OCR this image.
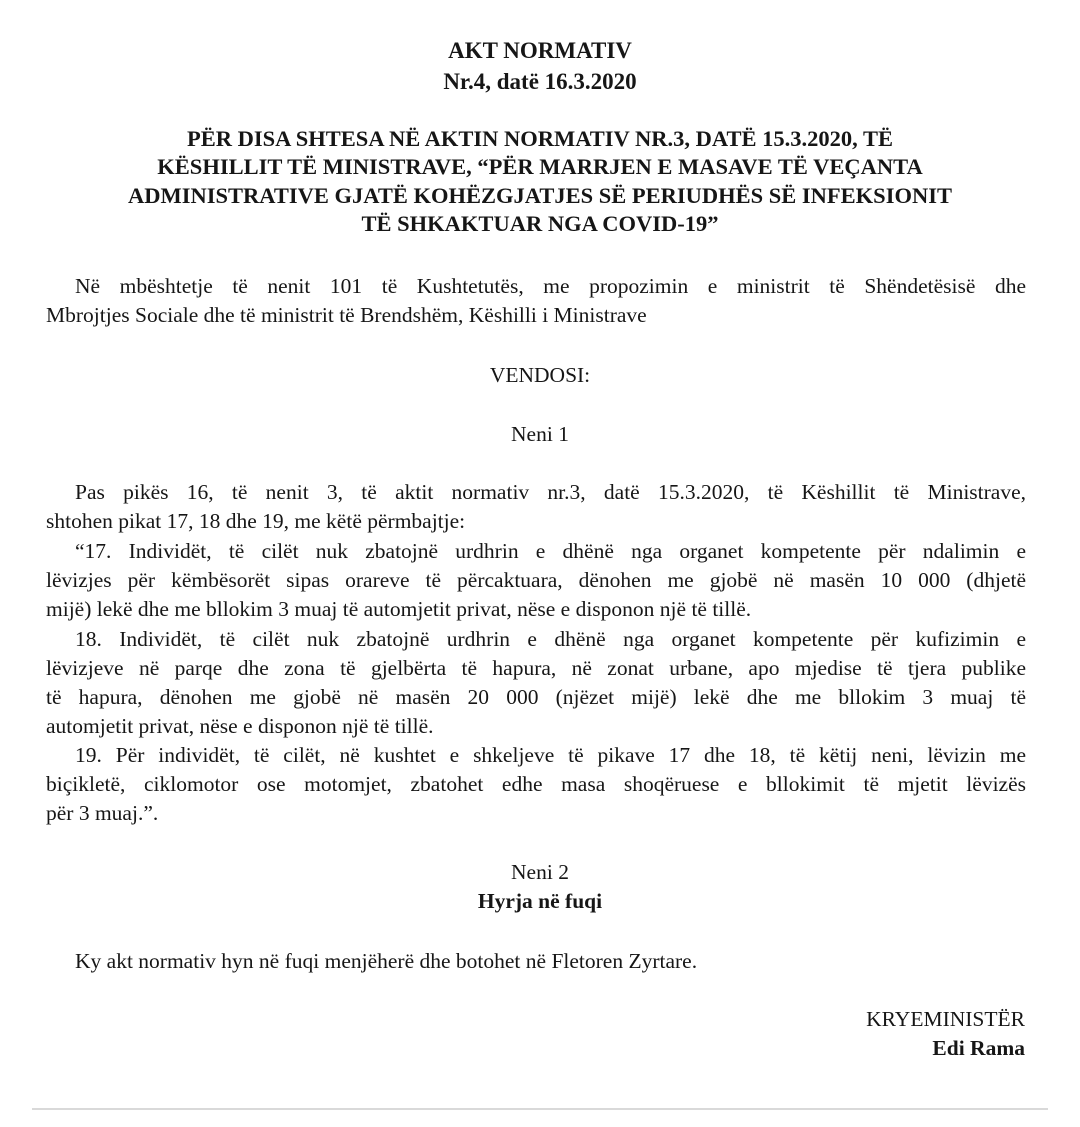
AKT NORMATIV
Nr.4, datë 16.3.2020
PËR DISA SHTESA NË AKTIN NORMATIV NR.3, DATË 15.3.2020, TË
KËSHILLIT TË MINISTRAVE, “PËR MARRJEN E MASAVE TË VEÇANTA
ADMINISTRATIVE GJATË KOHËZGJATJES SË PERIUDHËS SË INFEKSIONIT
TË SHKAKTUAR NGA COVID-19”
Në mbështetje të nenit 101 të Kushtetutës, me propozimin e ministrit të Shëndetësisë dhe
Mbrojtjes Sociale dhe të ministrit të Brendshëm, Këshilli i Ministrave
VENDOSI:
Neni 1
Pas pikës 16, të nenit 3, të aktit normativ nr.3, datë 15.3.2020, të Këshillit të Ministrave,
shtohen pikat 17, 18 dhe 19, me këtë përmbajtje:
“17. Individët, të cilët nuk zbatojnë urdhrin e dhënë nga organet kompetente për ndalimin e
lëvizjes për këmbësorët sipas orareve të përcaktuara, dënohen me gjobë në masën 10 000 (dhjetë
mijë) lekë dhe me bllokim 3 muaj të automjetit privat, nëse e disponon një të tillë.
18. Individët, të cilët nuk zbatojnë urdhrin e dhënë nga organet kompetente për kufizimin e
lëvizjeve në parqe dhe zona të gjelbërta të hapura, në zonat urbane, apo mjedise të tjera publike
të hapura, dënohen me gjobë në masën 20 000 (njëzet mijë) lekë dhe me bllokim 3 muaj të
automjetit privat, nëse e disponon një të tillë.
19. Për individët, të cilët, në kushtet e shkeljeve të pikave 17 dhe 18, të këtij neni, lëvizin me
biçikletë, ciklomotor ose motomjet, zbatohet edhe masa shoqëruese e bllokimit të mjetit lëvizës
për 3 muaj.”.
Neni 2
Hyrja në fuqi
Ky akt normativ hyn në fuqi menjëherë dhe botohet në Fletoren Zyrtare.
KRYEMINISTËR
Edi Rama
